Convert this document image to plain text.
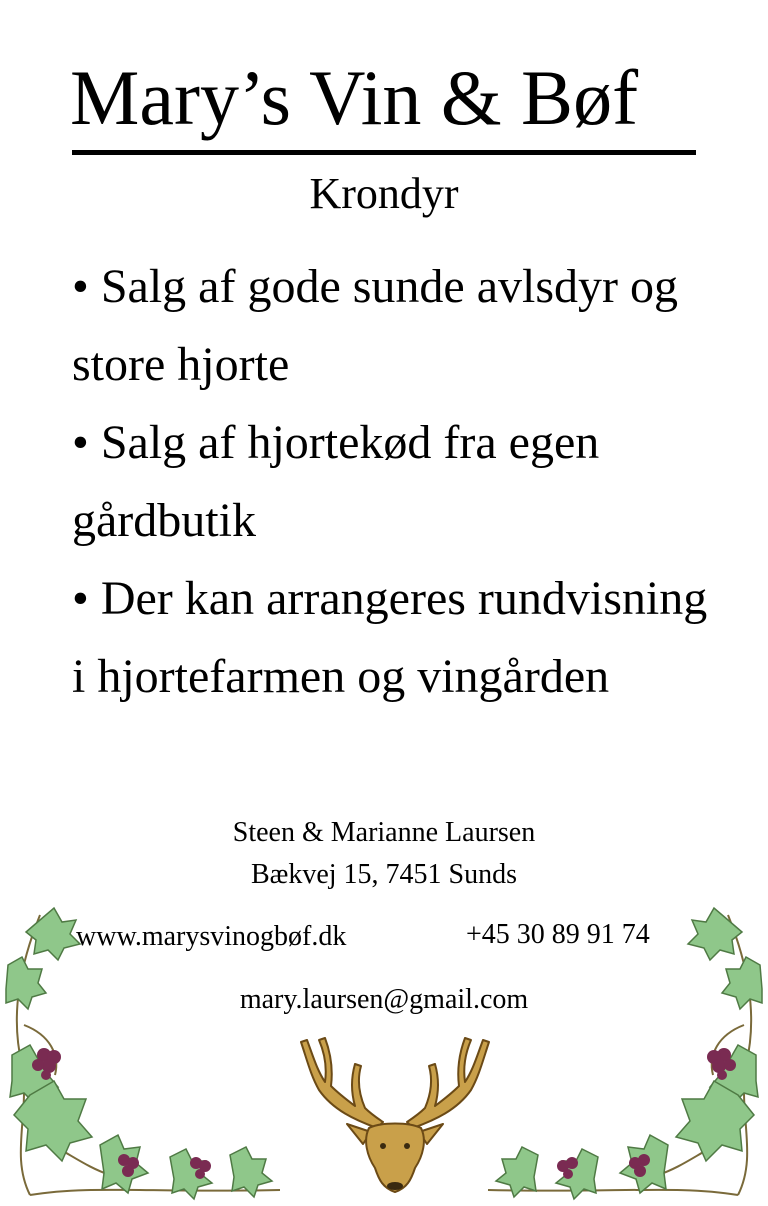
Mary’s Vin & Bøf
Krondyr
• Salg af gode sunde avlsdyr og store hjorte
• Salg af hjortekød fra egen gårdbutik
• Der kan arrangeres rundvisning i hjortefarmen og vingården
Steen & Marianne Laursen
Bækvej 15, 7451 Sunds
www.marysvinogbøf.dk	+45 30 89 91 74
mary.laursen@gmail.com
